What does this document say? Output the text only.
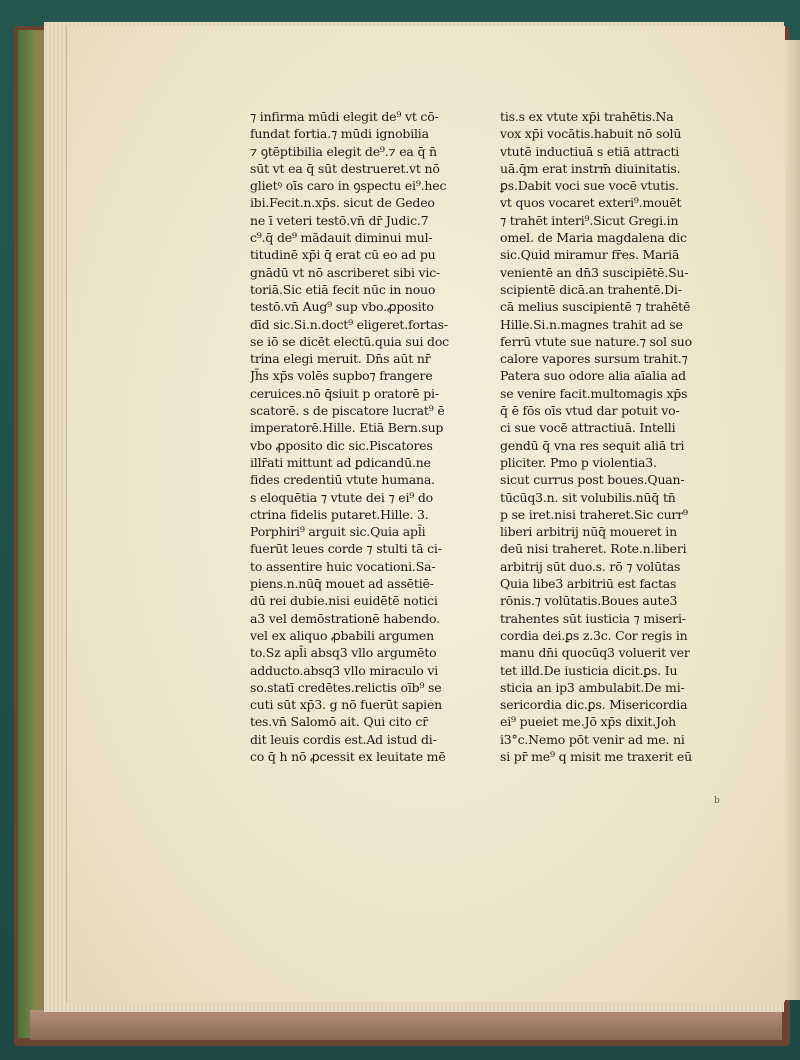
⁊ infirma mūdi elegit de⁹ vt cō-
fundat fortia.⁊ mūdi ignobilia
⁊ ꝯtēptibilia elegit de⁹.⁊ ea q̄ n̄
sūt vt ea q̄ sūt destrueret.vt nō
glietꝰ oīs caro in ꝯspectu ei⁹.hec
ibi.Fecit.n.xp̄s. sicut de Gedeo
ne ī veteri testō.vn̄ dr̄ Judic.7
c⁹.q̄ de⁹ mādauit diminui mul-
titudinē xp̄i q̄ erat cū eo ad pu
gnādū vt nō ascriberet sibi vic-
toriā.Sic etiā fecit nūc in nouo
testō.vn̄ Aug⁹ sup vbo.ꝓposito
dīd sic.Si.n.doct⁹ eligeret.fortas-
se iō se dicēt electū.quia sui doc
trina elegi meruit. Dn̄s aūt nr̄
Jh̄s xp̄s volēs supbo⁊ frangere
ceruices.nō q̄siuit p oratorē pi-
scatorē. s de piscatore lucrat⁹ ē
imperatorē.Hille. Etiā Bern.sup
vbo ꝓposito dic sic.Piscatores
illr̄ati mittunt ad ꝑdicandū.ne
fides credentiū vtute humana.
s eloquētia ⁊ vtute dei ⁊ ei⁹ do
ctrina fidelis putaret.Hille. 3.
Porphiri⁹ arguit sic.Quia apl̄i
fuerūt leues corde ⁊ stulti tā ci-
to assentire huic vocationi.Sa-
piens.n.nūq̄ mouet ad assētiē-
dū rei dubie.nisi euidētē notici
a3 vel demōstrationē habendo.
vel ex aliquo ꝓbabili argumen
to.Sz apl̄i absq3 vllo argumēto
adducto.absq3 vllo miraculo vi
so.statī credētes.relictis oīb⁹ se
cuti sūt xp̄3. g nō fuerūt sapien
tes.vn̄ Salomō ait. Qui cito cr̄
dit leuis cordis est.Ad istud di-
co q̄ h nō ꝓcessit ex leuitate mē
tis.s ex vtute xp̄i trahētis.Na
vox xp̄i vocātis.habuit nō solū
vtutē inductiuā s etiā attracti
uā.q̄m erat instrm̄ diuinitatis.
ꝑs.Dabit voci sue vocē vtutis.
vt quos vocaret exteri⁹.mouēt
⁊ trahēt interi⁹.Sicut Gregi.in
omel. de Maria magdalena dic
sic.Quid miramur fr̄es. Mariā
venientē an dn̄3 suscipiētē.Su-
scipientē dicā.an trahentē.Di-
cā melius suscipientē ⁊ trahētē
Hille.Si.n.magnes trahit ad se
ferrū vtute sue nature.⁊ sol suo
calore vapores sursum trahit.⁊
Patera suo odore alia aīalia ad
se venire facit.multomagis xp̄s
q̄ ē fōs oīs vtud dar potuit vo-
ci sue vocē attractiuā. Intelli
gendū q̄ vna res sequit aliā tri
pliciter. Pmo p violentia3.
sicut currus post boues.Quan-
tūcūq3.n. sit volubilis.nūq̄ tn̄
p se iret.nisi traheret.Sic curr⁹
liberi arbitrij nūq̄ moueret in
deū nisi traheret. Rote.n.liberi
arbitrij sūt duo.s. rō ⁊ volūtas
Quia libe3 arbitriū est factas
rōnis.⁊ volūtatis.Boues aute3
trahentes sūt iusticia ⁊ miseri-
cordia dei.ꝑs z.3c. Cor regis in
manu dn̄i quocūq3 voluerit ver
tet illd.De iusticia dicit.ꝑs. Iu
sticia an ip3 ambulabit.De mi-
sericordia dic.ꝑs. Misericordia
ei⁹ pueiet me.Jō xp̄s dixit.Joh
i3°c.Nemo pōt venir ad me. ni
si pr̄ me⁹ q misit me traxerit eū
b
